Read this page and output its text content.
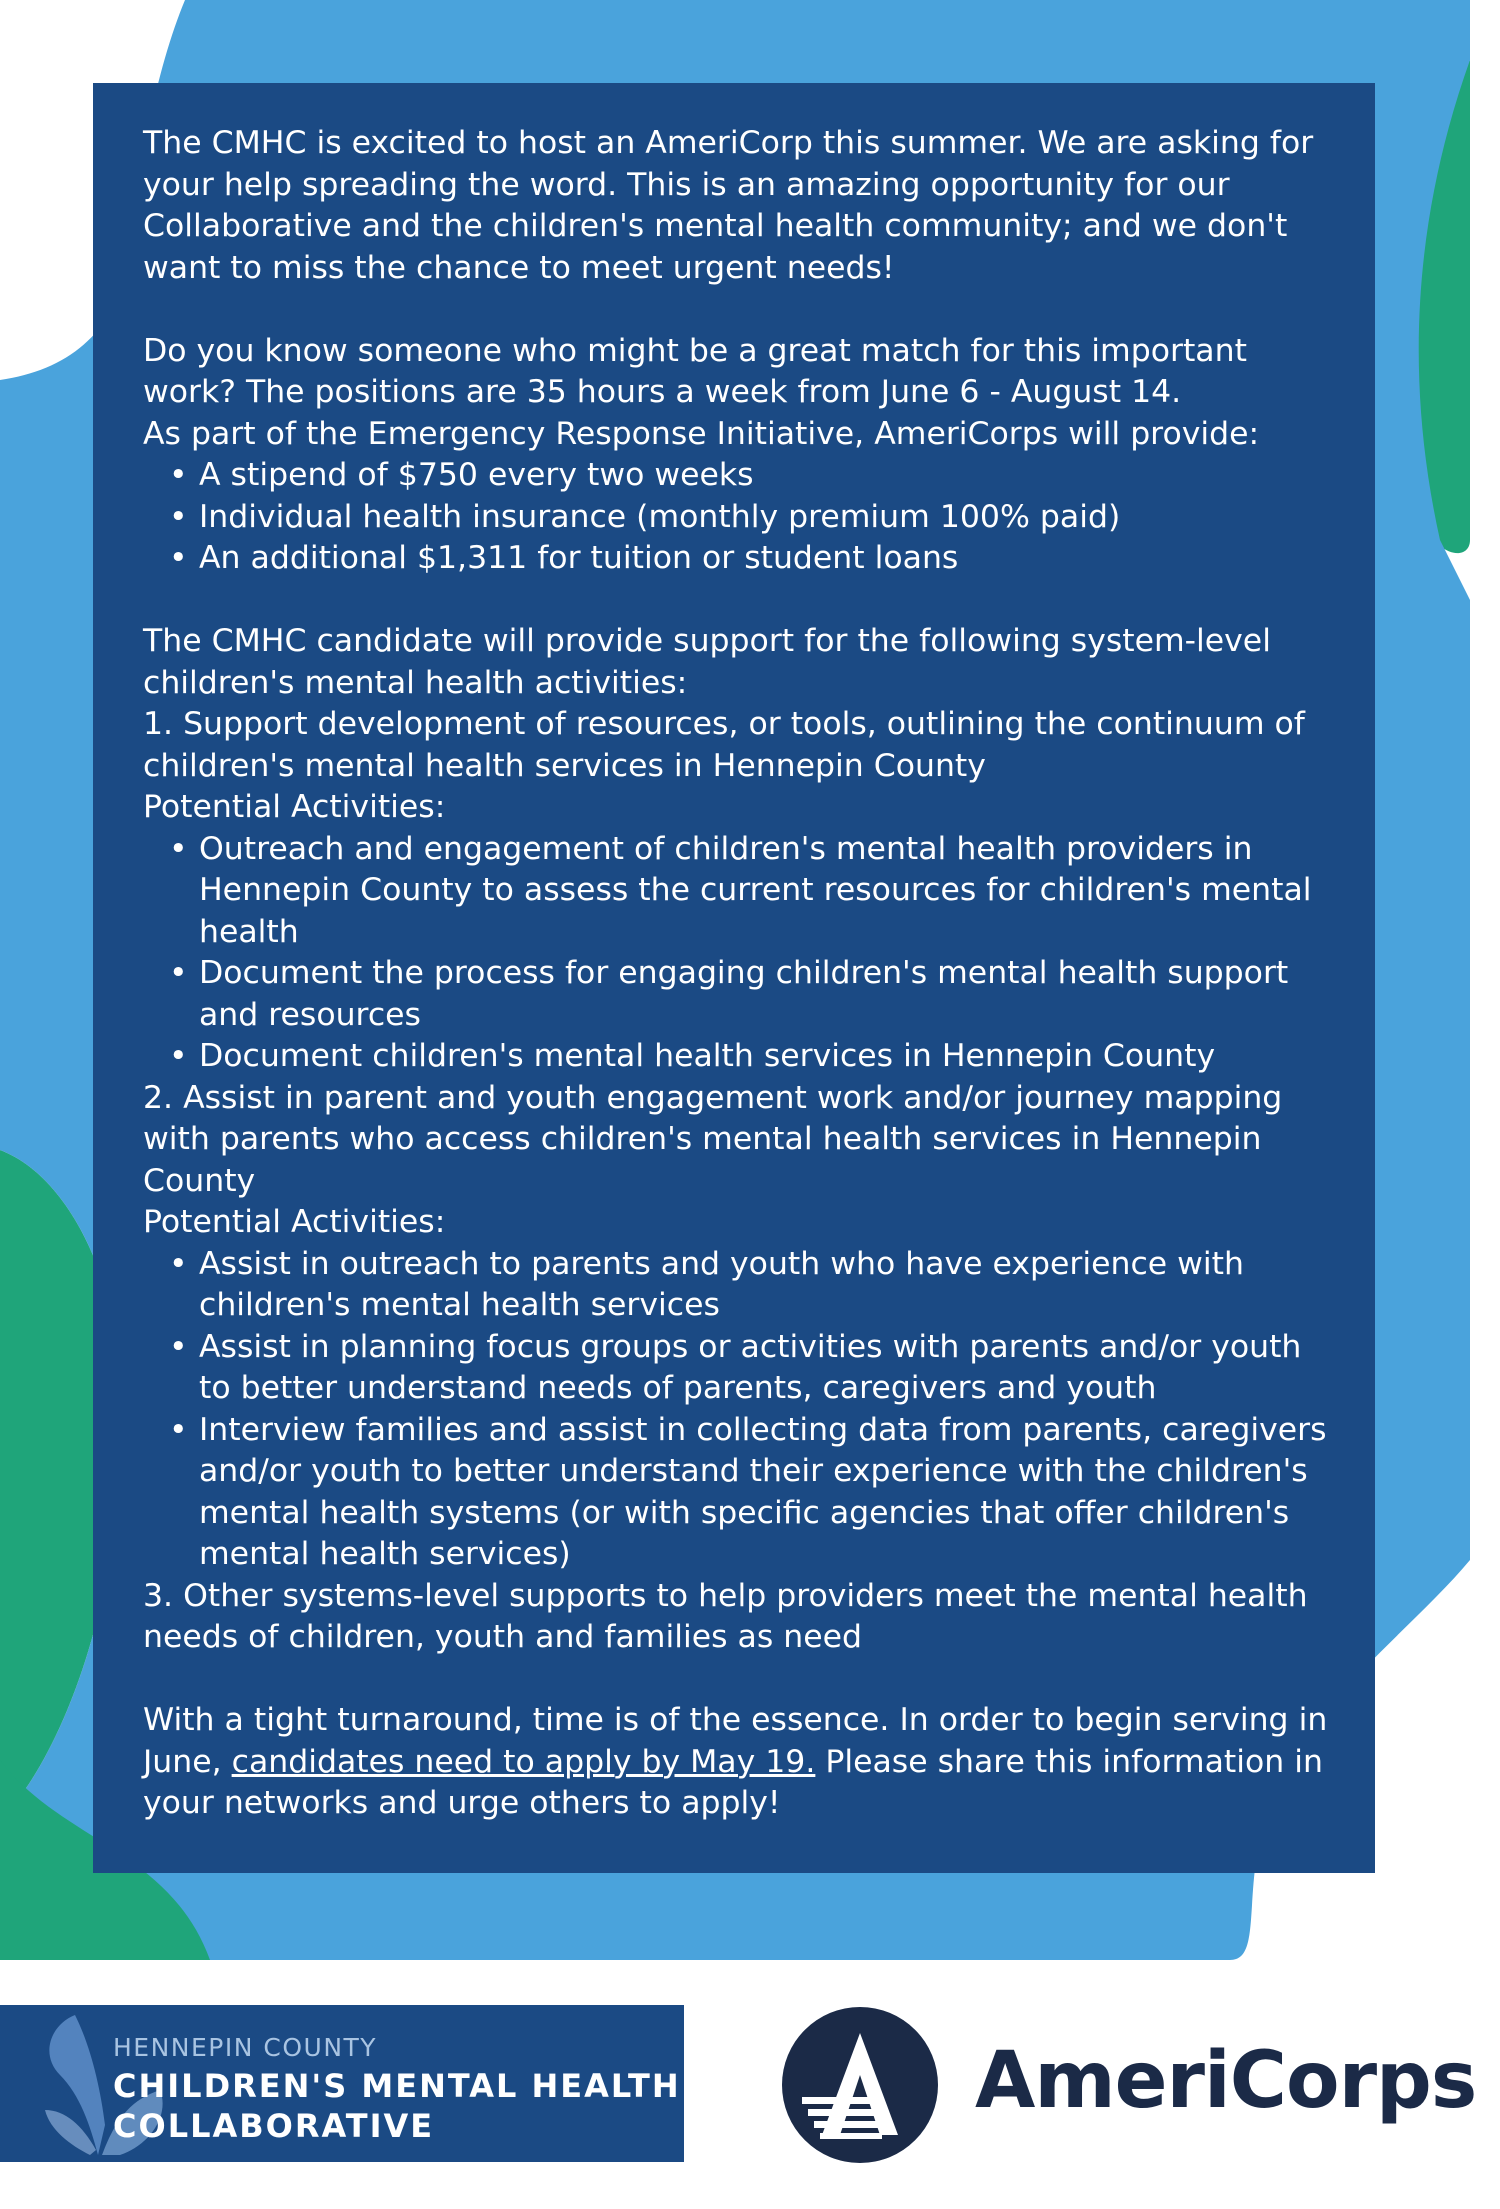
The CMHC is excited to host an AmeriCorp this summer. We are asking for your help spreading the word. This is an amazing opportunity for our Collaborative and the children's mental health community; and we don't want to miss the chance to meet urgent needs!

Do you know someone who might be a great match for this important work? The positions are 35 hours a week from June 6 - August 14.

As part of the Emergency Response Initiative, AmeriCorps will provide:

• A stipend of $750 every two weeks
• Individual health insurance (monthly premium 100% paid)
• An additional $1,311 for tuition or student loans

The CMHC candidate will provide support for the following system-level children's mental health activities:

1. Support development of resources, or tools, outlining the continuum of children's mental health services in Hennepin County

Potential Activities:

• Outreach and engagement of children's mental health providers in Hennepin County to assess the current resources for children's mental health
• Document the process for engaging children's mental health support and resources
• Document children's mental health services in Hennepin County

2. Assist in parent and youth engagement work and/or journey mapping with parents who access children's mental health services in Hennepin County

Potential Activities:

• Assist in outreach to parents and youth who have experience with children's mental health services
• Assist in planning focus groups or activities with parents and/or youth to better understand needs of parents, caregivers and youth
• Interview families and assist in collecting data from parents, caregivers and/or youth to better understand their experience with the children's mental health systems (or with specific agencies that offer children's mental health services)

3. Other systems-level supports to help providers meet the mental health needs of children, youth and families as need

With a tight turnaround, time is of the essence. In order to begin serving in June, candidates need to apply by May 19. Please share this information in your networks and urge others to apply!

HENNEPIN COUNTY
CHILDREN'S MENTAL HEALTH
COLLABORATIVE	AmeriCorps
